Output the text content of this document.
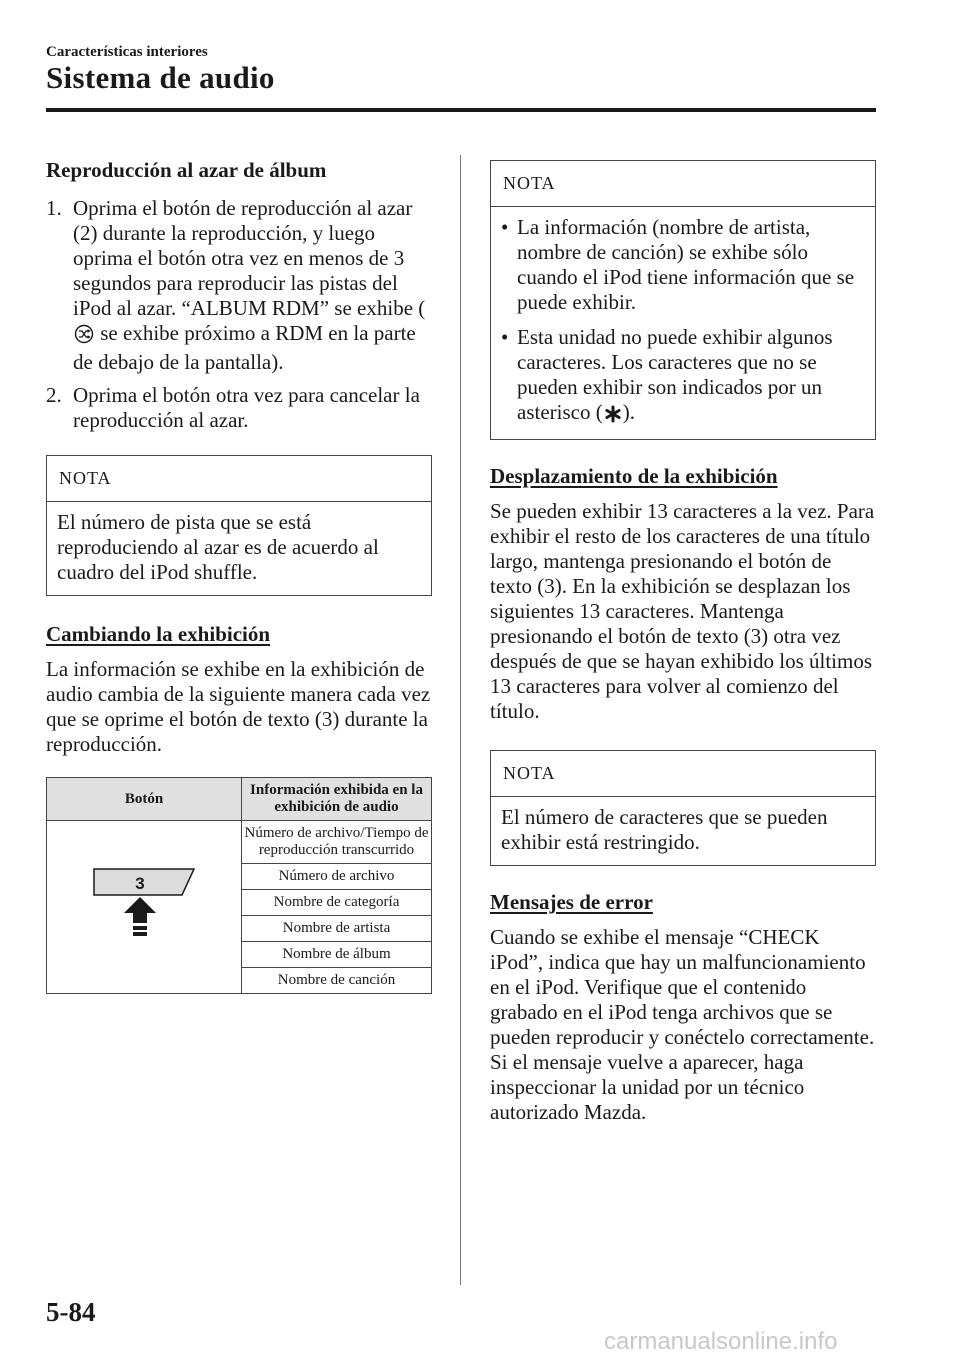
Características interiores
Sistema de audio
Reproducción al azar de álbum
1. Oprima el botón de reproducción al azar (2) durante la reproducción, y luego oprima el botón otra vez en menos de 3 segundos para reproducir las pistas del iPod al azar. “ALBUM RDM” se exhibe ( se exhibe próximo a RDM en la parte de debajo de la pantalla).
2. Oprima el botón otra vez para cancelar la reproducción al azar.
NOTA
El número de pista que se está reproduciendo al azar es de acuerdo al cuadro del iPod shuffle.
Cambiando la exhibición

La información se exhibe en la exhibición de audio cambia de la siguiente manera cada vez que se oprime el botón de texto (3) durante la reproducción.

Botón	Información exhibida en la exhibición de audio

3	Número de archivo/Tiempo de reproducción transcurrido
	Número de archivo
	Nombre de categoría
	Nombre de artista
	Nombre de álbum
	Nombre de canción
NOTA
• La información (nombre de artista, nombre de canción) se exhibe sólo cuando el iPod tiene información que se puede exhibir.
• Esta unidad no puede exhibir algunos caracteres. Los caracteres que no se pueden exhibir son indicados por un asterisco ( ).
Desplazamiento de la exhibición

Se pueden exhibir 13 caracteres a la vez. Para exhibir el resto de los caracteres de una título largo, mantenga presionando el botón de texto (3). En la exhibición se desplazan los siguientes 13 caracteres. Mantenga presionando el botón de texto (3) otra vez después de que se hayan exhibido los últimos 13 caracteres para volver al comienzo del título.

NOTA
El número de caracteres que se pueden exhibir está restringido.
Mensajes de error

Cuando se exhibe el mensaje “CHECK iPod”, indica que hay un malfuncionamiento en el iPod. Verifique que el contenido grabado en el iPod tenga archivos que se pueden reproducir y conéctelo correctamente. Si el mensaje vuelve a aparecer, haga inspeccionar la unidad por un técnico autorizado Mazda.

5-84
carmanualsonline.info
